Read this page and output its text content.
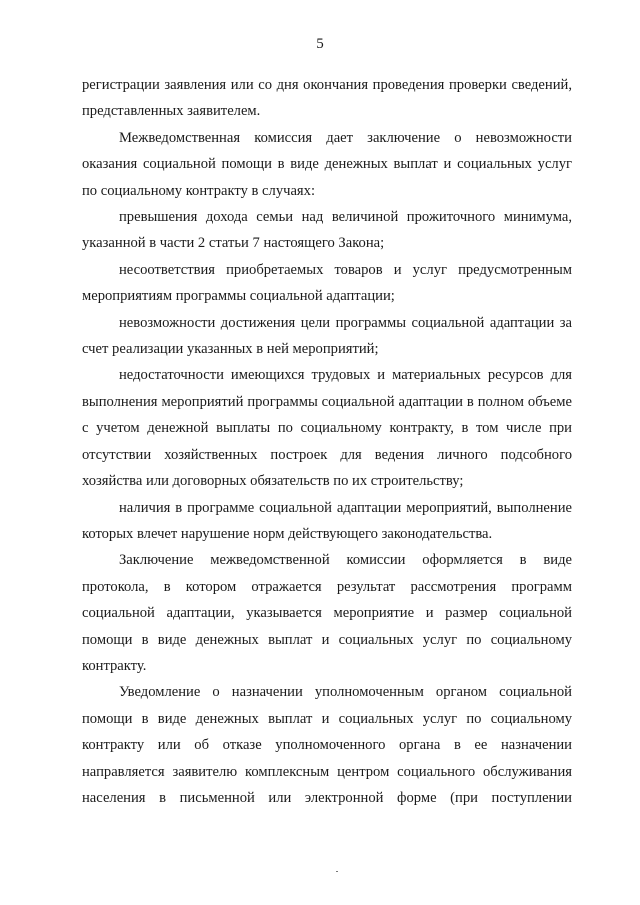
5

регистрации заявления или со дня окончания проведения проверки сведений, представленных заявителем.

Межведомственная комиссия дает заключение о невозможности оказания социальной помощи в виде денежных выплат и социальных услуг по социальному контракту в случаях:

превышения дохода семьи над величиной прожиточного минимума, указанной в части 2 статьи 7 настоящего Закона;

несоответствия приобретаемых товаров и услуг предусмотренным мероприятиям программы социальной адаптации;

невозможности достижения цели программы социальной адаптации за счет реализации указанных в ней мероприятий;

недостаточности имеющихся трудовых и материальных ресурсов для выполнения мероприятий программы социальной адаптации в полном объеме с учетом денежной выплаты по социальному контракту, в том числе при отсутствии хозяйственных построек для ведения личного подсобного хозяйства или договорных обязательств по их строительству;

наличия в программе социальной адаптации мероприятий, выполнение которых влечет нарушение норм действующего законодательства.

Заключение межведомственной комиссии оформляется в виде протокола, в котором отражается результат рассмотрения программ социальной адаптации, указывается мероприятие и размер социальной помощи в виде денежных выплат и социальных услуг по социальному контракту.

Уведомление о назначении уполномоченным органом социальной помощи в виде денежных выплат и социальных услуг по социальному контракту или об отказе уполномоченного органа в ее назначении направляется заявителю комплексным центром социального обслуживания населения в письменной или электронной форме (при поступлении
